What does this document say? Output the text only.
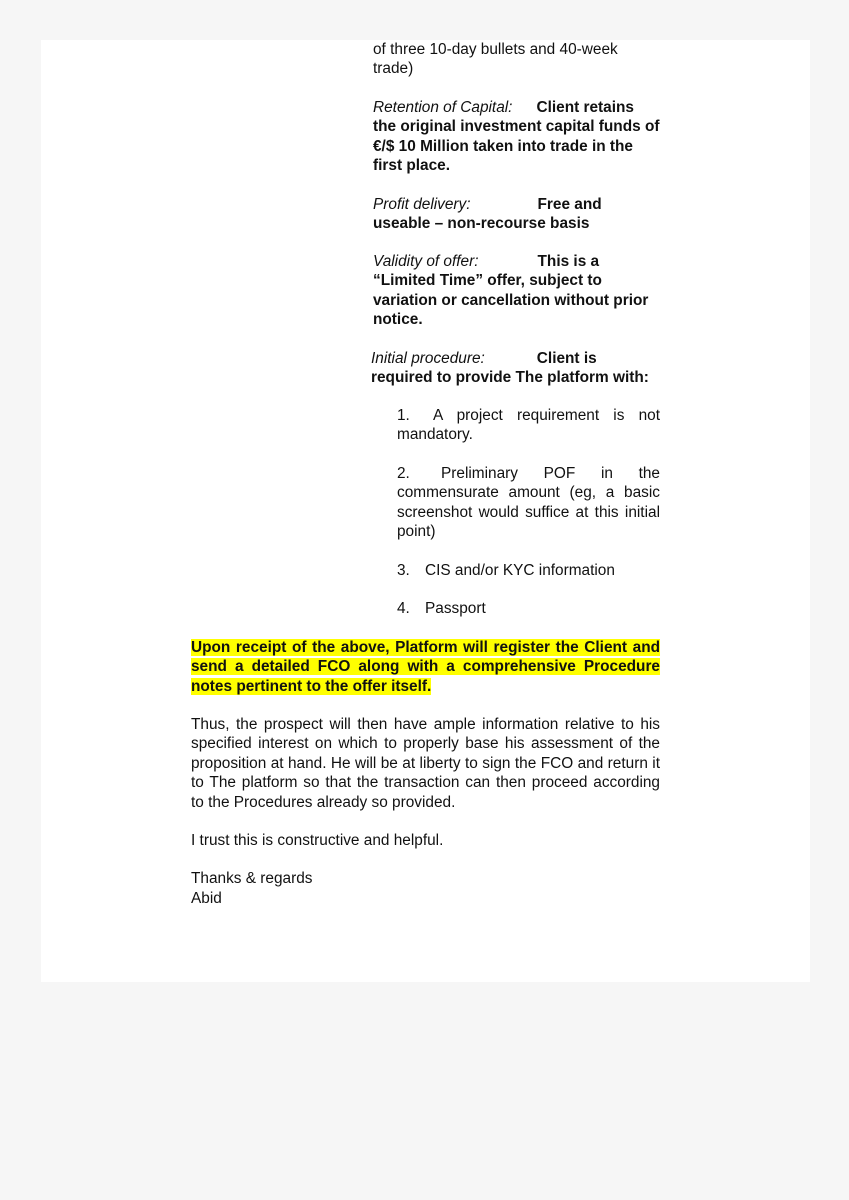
of three 10-day bullets and 40-week trade)

Retention of Capital: Client retains the original investment capital funds of €/$ 10 Million taken into trade in the first place.

Profit delivery:	Free and useable – non-recourse basis

Validity of offer:	This is a “Limited Time” offer, subject to variation or cancellation without prior notice.

Initial procedure:	Client is required to provide The platform with:

1. A project requirement is not mandatory.

2. Preliminary POF in the commensurate amount (eg, a basic screenshot would suffice at this initial point)

3. CIS and/or KYC information

4. Passport

Upon receipt of the above, Platform will register the Client and send a detailed FCO along with a comprehensive Procedure notes pertinent to the offer itself.

Thus, the prospect will then have ample information relative to his specified interest on which to properly base his assessment of the proposition at hand. He will be at liberty to sign the FCO and return it to The platform so that the transaction can then proceed according to the Procedures already so provided.

I trust this is constructive and helpful.

Thanks & regards

Abid
